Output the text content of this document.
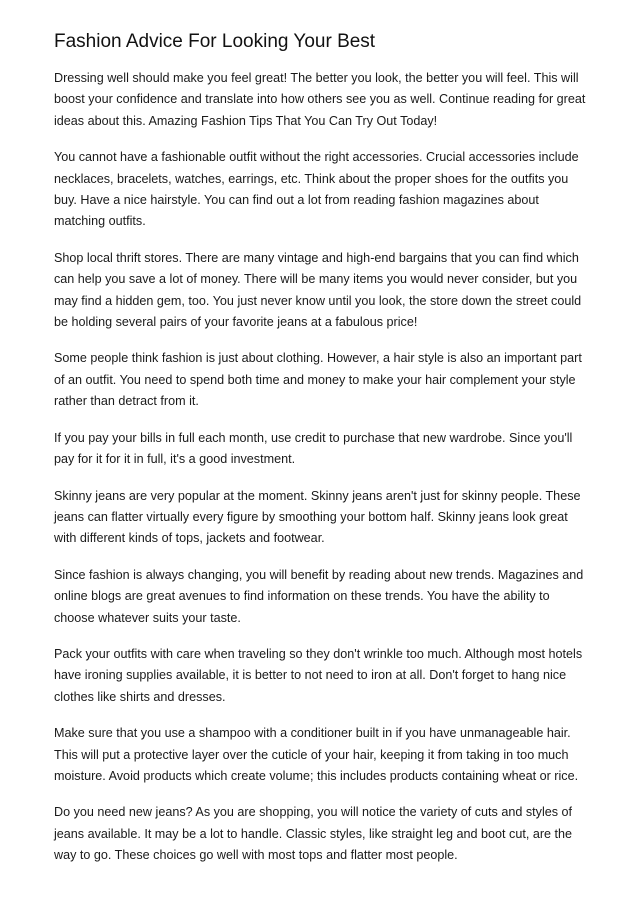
Fashion Advice For Looking Your Best

Dressing well should make you feel great! The better you look, the better you will feel. This will boost your confidence and translate into how others see you as well. Continue reading for great ideas about this. Amazing Fashion Tips That You Can Try Out Today!

You cannot have a fashionable outfit without the right accessories. Crucial accessories include necklaces, bracelets, watches, earrings, etc. Think about the proper shoes for the outfits you buy. Have a nice hairstyle. You can find out a lot from reading fashion magazines about matching outfits.

Shop local thrift stores. There are many vintage and high-end bargains that you can find which can help you save a lot of money. There will be many items you would never consider, but you may find a hidden gem, too. You just never know until you look, the store down the street could be holding several pairs of your favorite jeans at a fabulous price!

Some people think fashion is just about clothing. However, a hair style is also an important part of an outfit. You need to spend both time and money to make your hair complement your style rather than detract from it.

If you pay your bills in full each month, use credit to purchase that new wardrobe. Since you'll pay for it for it in full, it's a good investment.

Skinny jeans are very popular at the moment. Skinny jeans aren't just for skinny people. These jeans can flatter virtually every figure by smoothing your bottom half. Skinny jeans look great with different kinds of tops, jackets and footwear.

Since fashion is always changing, you will benefit by reading about new trends. Magazines and online blogs are great avenues to find information on these trends. You have the ability to choose whatever suits your taste.

Pack your outfits with care when traveling so they don't wrinkle too much. Although most hotels have ironing supplies available, it is better to not need to iron at all. Don't forget to hang nice clothes like shirts and dresses.

Make sure that you use a shampoo with a conditioner built in if you have unmanageable hair. This will put a protective layer over the cuticle of your hair, keeping it from taking in too much moisture. Avoid products which create volume; this includes products containing wheat or rice.

Do you need new jeans? As you are shopping, you will notice the variety of cuts and styles of jeans available. It may be a lot to handle. Classic styles, like straight leg and boot cut, are the way to go. These choices go well with most tops and flatter most people.
